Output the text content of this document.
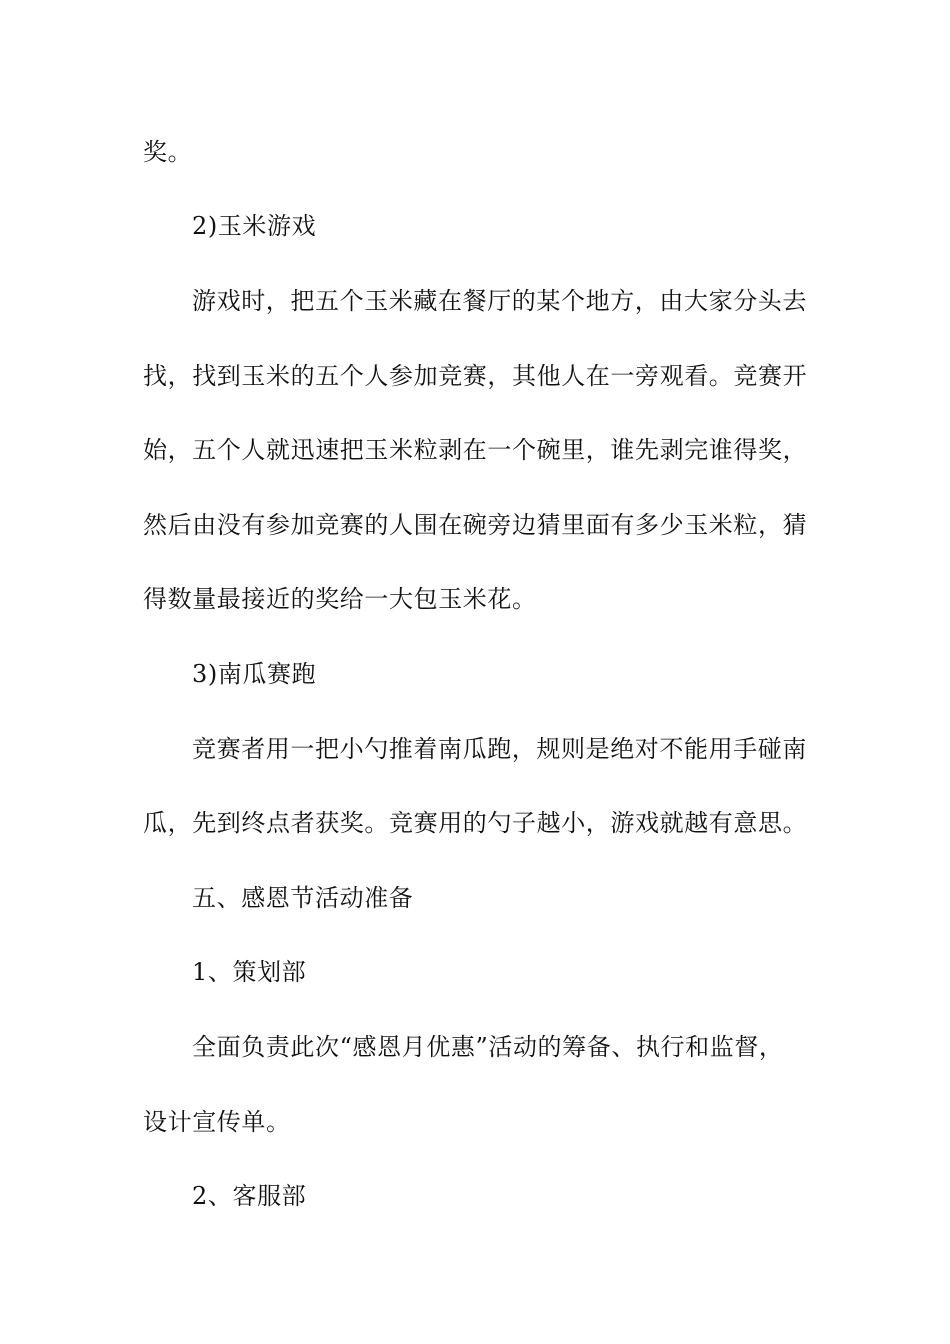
奖。
2)玉米游戏
游戏时，把五个玉米藏在餐厅的某个地方，由大家分头去
找，找到玉米的五个人参加竞赛，其他人在一旁观看。竞赛开
始，五个人就迅速把玉米粒剥在一个碗里，谁先剥完谁得奖，
然后由没有参加竞赛的人围在碗旁边猜里面有多少玉米粒，猜
得数量最接近的奖给一大包玉米花。
3)南瓜赛跑
竞赛者用一把小勺推着南瓜跑，规则是绝对不能用手碰南
瓜，先到终点者获奖。竞赛用的勺子越小，游戏就越有意思。
五、感恩节活动准备
1、策划部
全面负责此次“感恩月优惠”活动的筹备、执行和监督，
设计宣传单。
2、客服部
